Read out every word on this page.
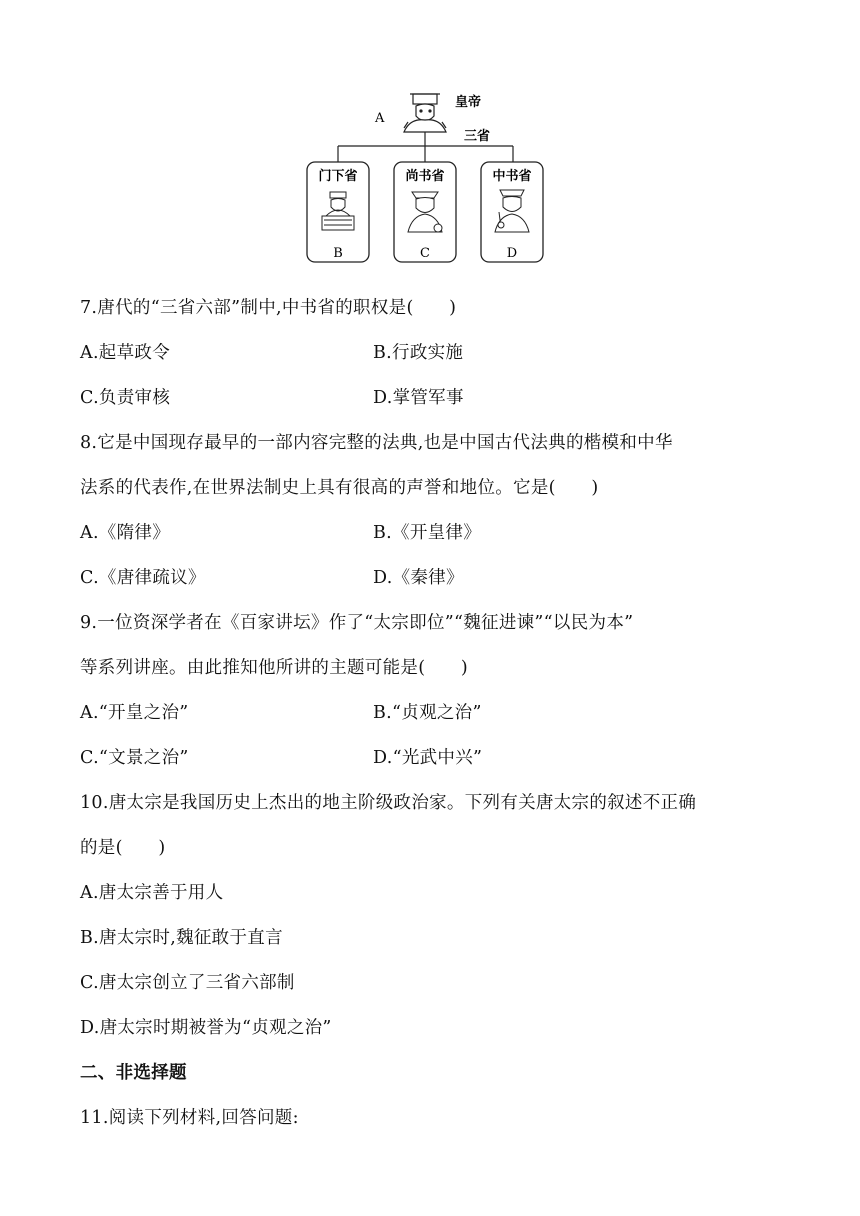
皇帝
A
三省
门下省
B
尚书省
C
中书省
D
7.唐代的“三省六部”制中,中书省的职权是(　　)
A.起草政令	B.行政实施
C.负责审核	D.掌管军事
8.它是中国现存最早的一部内容完整的法典,也是中国古代法典的楷模和中华
法系的代表作,在世界法制史上具有很高的声誉和地位。它是(　　)
A.《隋律》	B.《开皇律》
C.《唐律疏议》	D.《秦律》
9.一位资深学者在《百家讲坛》作了“太宗即位”“魏征进谏”“以民为本”
等系列讲座。由此推知他所讲的主题可能是(　　)
A.“开皇之治”	B.“贞观之治”
C.“文景之治”	D.“光武中兴”
10.唐太宗是我国历史上杰出的地主阶级政治家。下列有关唐太宗的叙述不正确
的是(　　)
A.唐太宗善于用人
B.唐太宗时,魏征敢于直言
C.唐太宗创立了三省六部制
D.唐太宗时期被誉为“贞观之治”
二、非选择题
11.阅读下列材料,回答问题:
